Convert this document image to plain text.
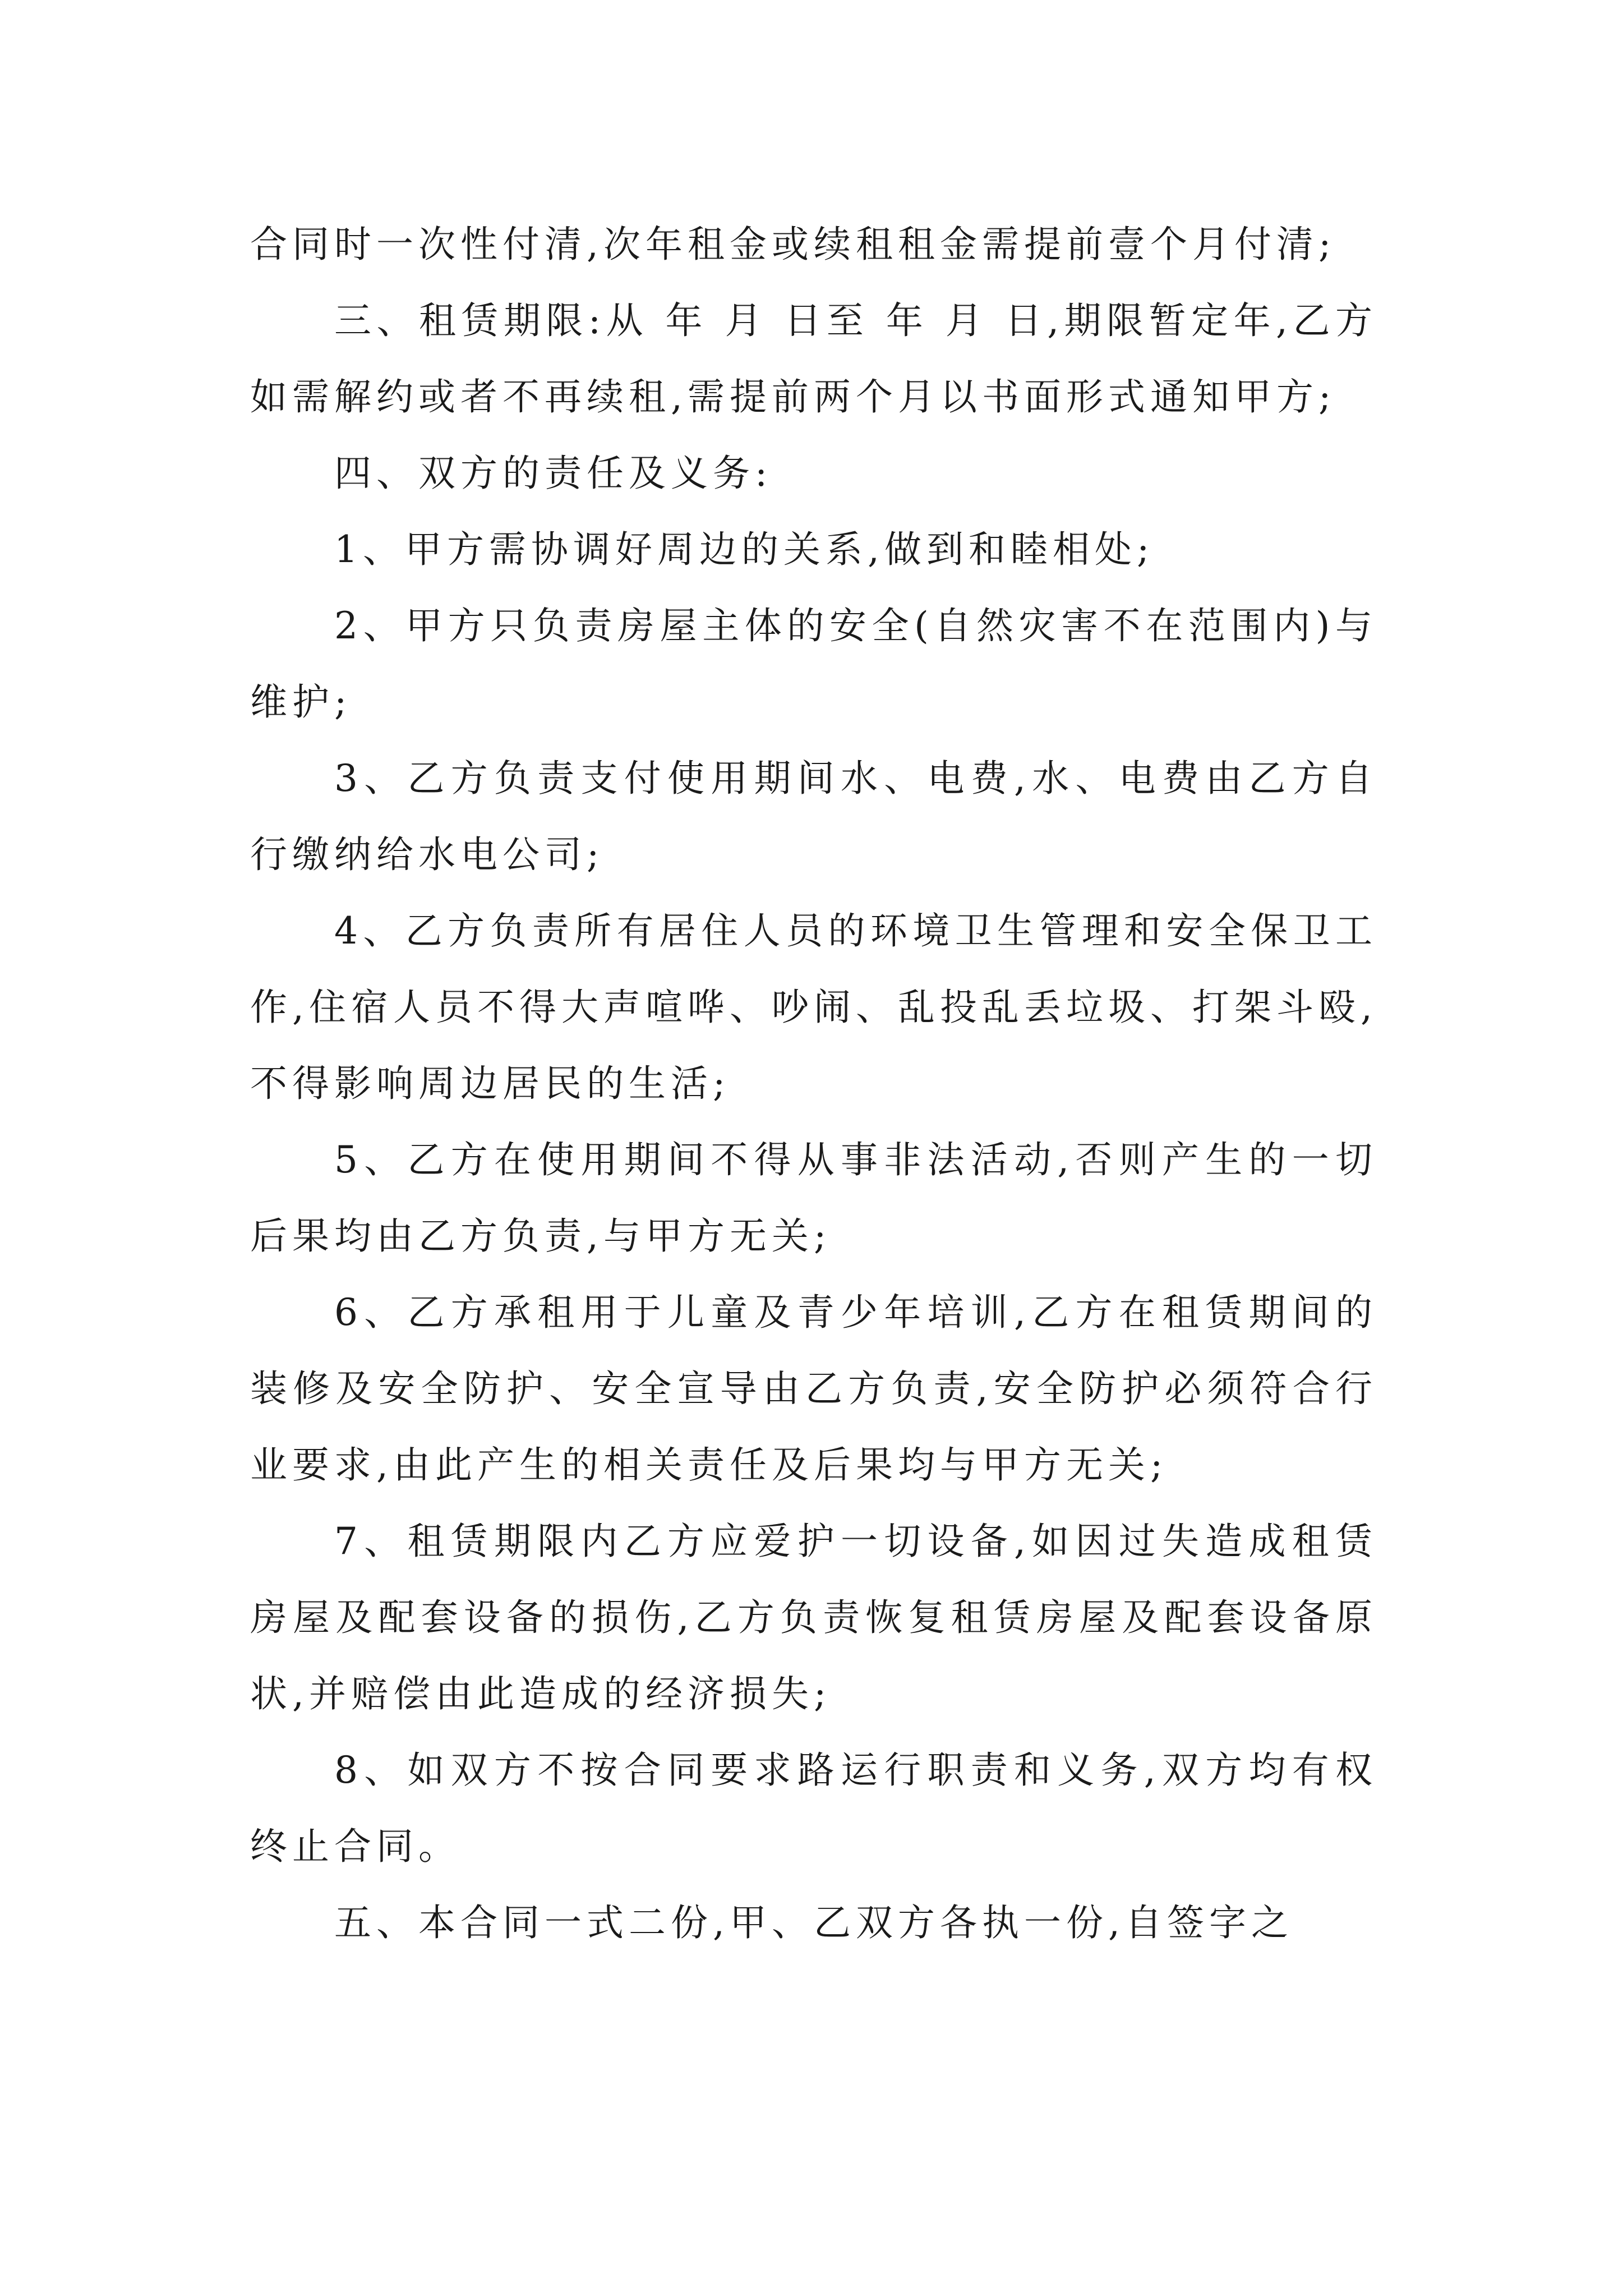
合同时一次性付清,次年租金或续租租金需提前壹个月付清;

三、租赁期限:从 年 月 日至 年 月 日,期限暂定年,乙方如需解约或者不再续租,需提前两个月以书面形式通知甲方;

四、双方的责任及义务:

1、甲方需协调好周边的关系,做到和睦相处;

2、甲方只负责房屋主体的安全(自然灾害不在范围内)与维护;

3、乙方负责支付使用期间水、电费,水、电费由乙方自行缴纳给水电公司;

4、乙方负责所有居住人员的环境卫生管理和安全保卫工作,住宿人员不得大声喧哗、吵闹、乱投乱丢垃圾、打架斗殴,不得影响周边居民的生活;

5、乙方在使用期间不得从事非法活动,否则产生的一切后果均由乙方负责,与甲方无关;

6、乙方承租用于儿童及青少年培训,乙方在租赁期间的装修及安全防护、安全宣导由乙方负责,安全防护必须符合行业要求,由此产生的相关责任及后果均与甲方无关;

7、租赁期限内乙方应爱护一切设备,如因过失造成租赁房屋及配套设备的损伤,乙方负责恢复租赁房屋及配套设备原状,并赔偿由此造成的经济损失;

8、如双方不按合同要求路运行职责和义务,双方均有权终止合同。

五、本合同一式二份,甲、乙双方各执一份,自签字之
